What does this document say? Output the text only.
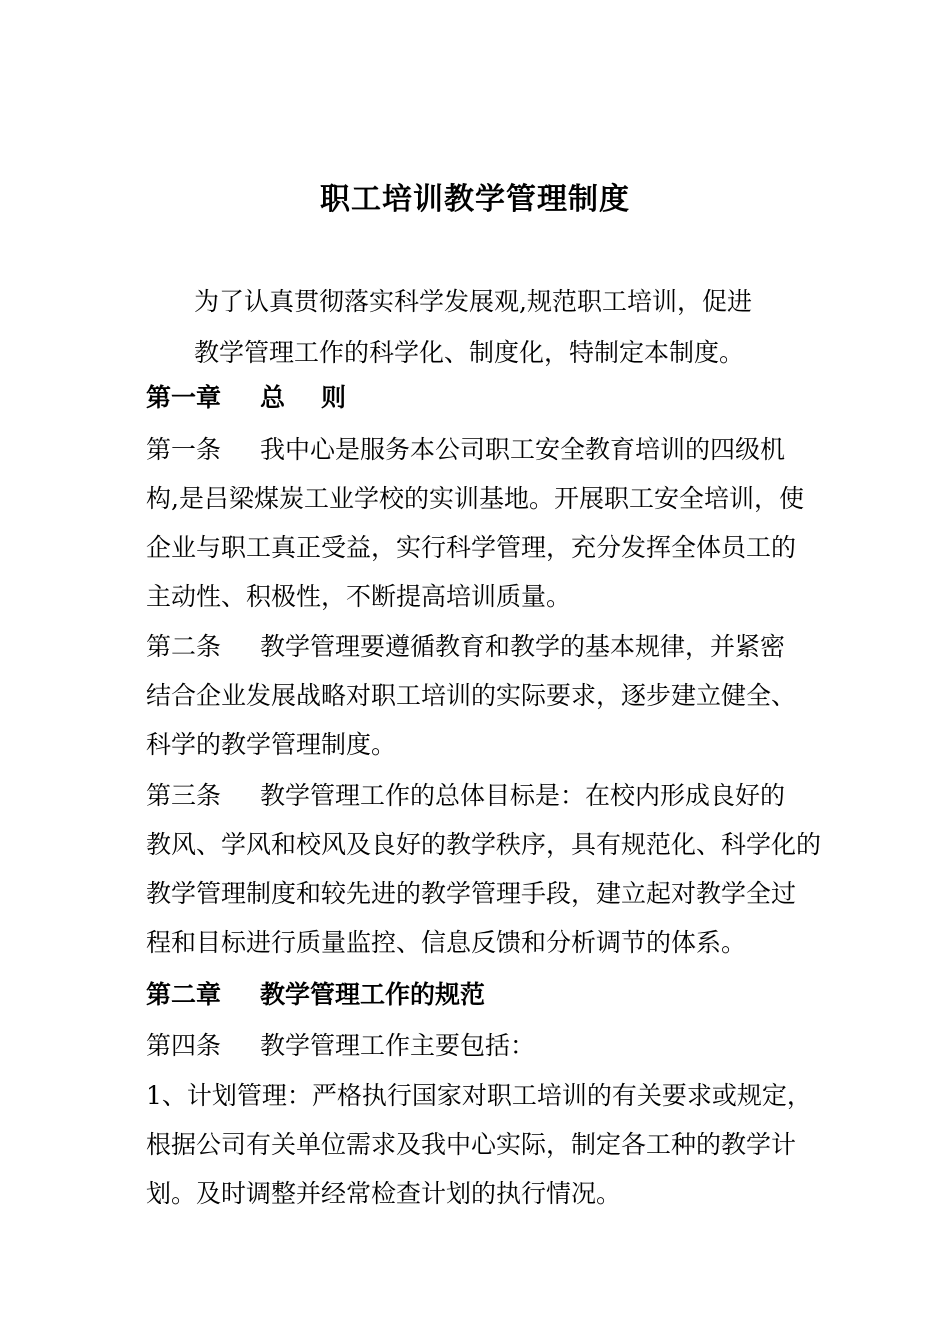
职工培训教学管理制度
为了认真贯彻落实科学发展观,规范职工培训，促进
教学管理工作的科学化、制度化，特制定本制度。
第一章 总 则
第一条 我中心是服务本公司职工安全教育培训的四级机
构,是吕梁煤炭工业学校的实训基地。开展职工安全培训，使
企业与职工真正受益，实行科学管理，充分发挥全体员工的
主动性、积极性，不断提高培训质量。
第二条 教学管理要遵循教育和教学的基本规律，并紧密
结合企业发展战略对职工培训的实际要求，逐步建立健全、
科学的教学管理制度。
第三条 教学管理工作的总体目标是：在校内形成良好的
教风、学风和校风及良好的教学秩序，具有规范化、科学化的
教学管理制度和较先进的教学管理手段，建立起对教学全过
程和目标进行质量监控、信息反馈和分析调节的体系。
第二章 教学管理工作的规范
第四条 教学管理工作主要包括：
1、计划管理：严格执行国家对职工培训的有关要求或规定，
根据公司有关单位需求及我中心实际，制定各工种的教学计
划。及时调整并经常检查计划的执行情况。
